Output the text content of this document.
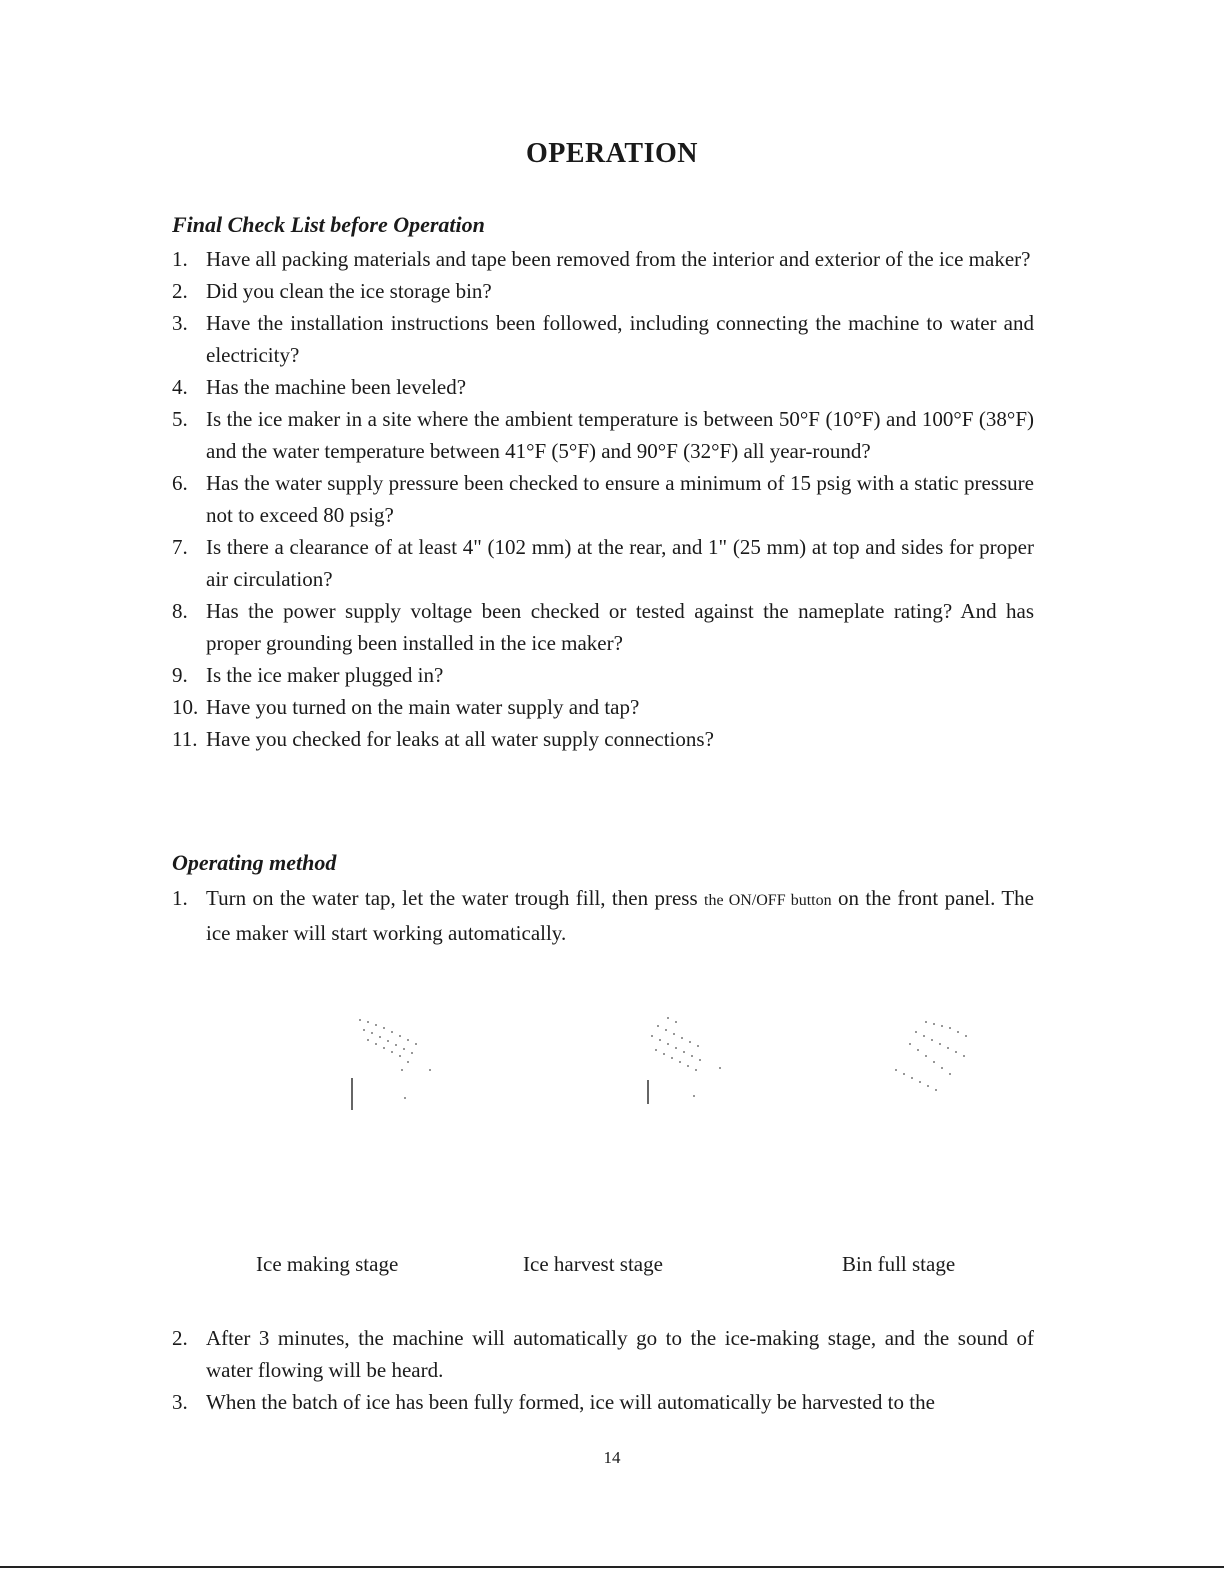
OPERATION
Final Check List before Operation
1. Have all packing materials and tape been removed from the interior and exterior of the ice maker?
2. Did you clean the ice storage bin?
3. Have the installation instructions been followed, including connecting the machine to water and electricity?
4. Has the machine been leveled?
5. Is the ice maker in a site where the ambient temperature is between 50°F (10°F) and 100°F (38°F) and the water temperature between 41°F (5°F) and 90°F (32°F) all year-round?
6. Has the water supply pressure been checked to ensure a minimum of 15 psig with a static pressure not to exceed 80 psig?
7. Is there a clearance of at least 4" (102 mm) at the rear, and 1" (25 mm) at top and sides for proper air circulation?
8. Has the power supply voltage been checked or tested against the nameplate rating? And has proper grounding been installed in the ice maker?
9. Is the ice maker plugged in?
10. Have you turned on the main water supply and tap?
11. Have you checked for leaks at all water supply connections?
Operating method
1. Turn on the water tap, let the water trough fill, then press the ON/OFF button on the front panel. The ice maker will start working automatically.
Ice making stage	Ice harvest stage	Bin full stage
2. After 3 minutes, the machine will automatically go to the ice-making stage, and the sound of water flowing will be heard.
3. When the batch of ice has been fully formed, ice will automatically be harvested to the
14
